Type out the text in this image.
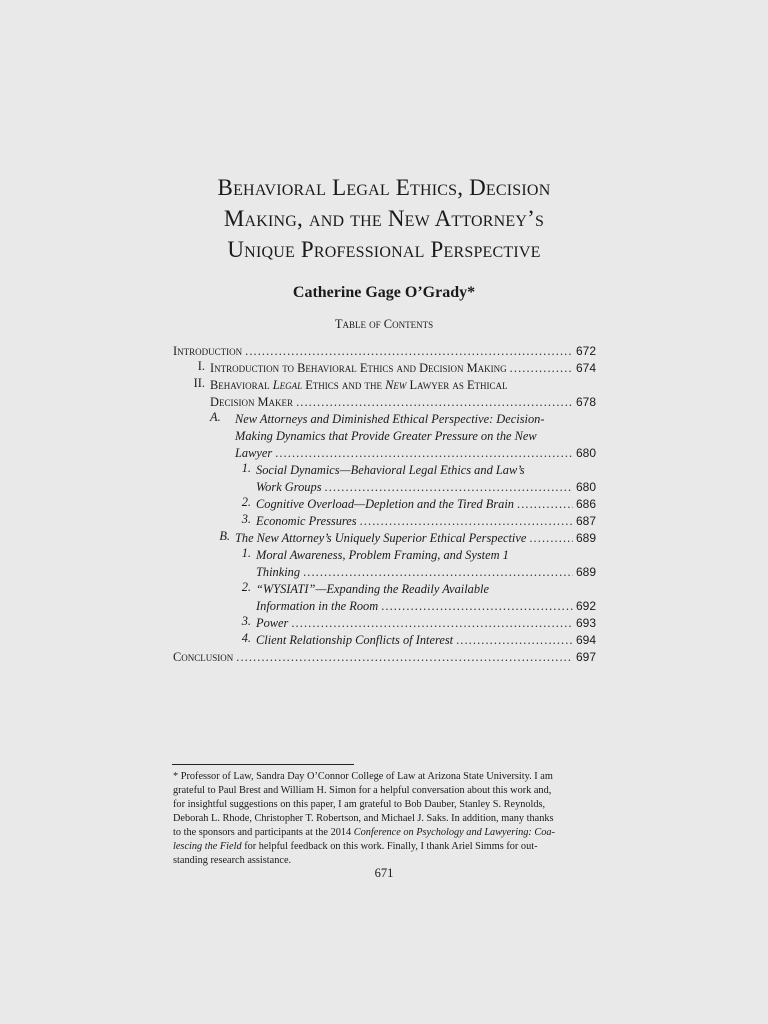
Behavioral Legal Ethics, Decision
Making, and the New Attorney’s
Unique Professional Perspective
Catherine Gage O’Grady*
Table of Contents
Introduction .....	672
I. Introduction to Behavioral Ethics and Decision Making .....	674
II. Behavioral Legal Ethics and the New Lawyer as Ethical
Decision Maker .....	678
A.	New Attorneys and Diminished Ethical Perspective: Decision-
Making Dynamics that Provide Greater Pressure on the New
Lawyer .....	680
1. Social Dynamics—Behavioral Legal Ethics and Law’s
Work Groups .....	680
2. Cognitive Overload—Depletion and the Tired Brain .....	686
3. Economic Pressures .....	687
B. The New Attorney’s Uniquely Superior Ethical Perspective .....	689
1. Moral Awareness, Problem Framing, and System 1
Thinking .....	689
2. “WYSIATI”—Expanding the Readily Available
Information in the Room .....	692
3. Power .....	693
4. Client Relationship Conflicts of Interest .....	694
Conclusion .....	697
* Professor of Law, Sandra Day O’Connor College of Law at Arizona State University. I am
grateful to Paul Brest and William H. Simon for a helpful conversation about this work and,
for insightful suggestions on this paper, I am grateful to Bob Dauber, Stanley S. Reynolds,
Deborah L. Rhode, Christopher T. Robertson, and Michael J. Saks. In addition, many thanks
to the sponsors and participants at the 2014 Conference on Psychology and Lawyering: Coa-
lescing the Field for helpful feedback on this work. Finally, I thank Ariel Simms for out-
standing research assistance.
671
